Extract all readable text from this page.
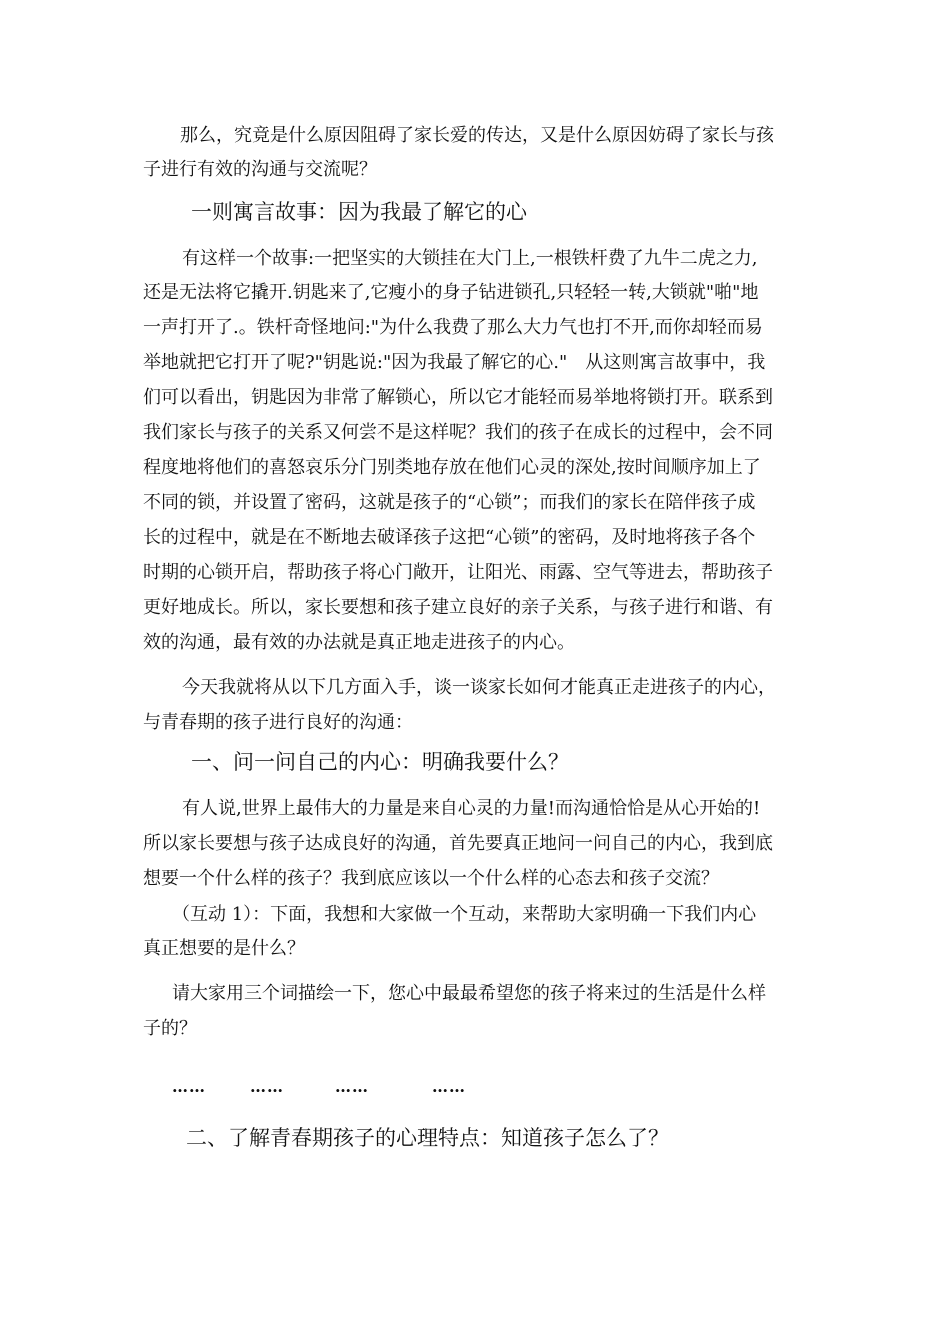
那么，究竟是什么原因阻碍了家长爱的传达，又是什么原因妨碍了家长与孩
子进行有效的沟通与交流呢？
一则寓言故事：因为我最了解它的心
有这样一个故事:一把坚实的大锁挂在大门上,一根铁杆费了九牛二虎之力,
还是无法将它撬开.钥匙来了,它瘦小的身子钻进锁孔,只轻轻一转,大锁就"啪"地
一声打开了.。铁杆奇怪地问:"为什么我费了那么大力气也打不开,而你却轻而易
举地就把它打开了呢?"钥匙说:"因为我最了解它的心."　从这则寓言故事中，我
们可以看出，钥匙因为非常了解锁心，所以它才能轻而易举地将锁打开。联系到
我们家长与孩子的关系又何尝不是这样呢？我们的孩子在成长的过程中，会不同
程度地将他们的喜怒哀乐分门别类地存放在他们心灵的深处,按时间顺序加上了
不同的锁，并设置了密码，这就是孩子的“心锁”；而我们的家长在陪伴孩子成
长的过程中，就是在不断地去破译孩子这把“心锁”的密码，及时地将孩子各个
时期的心锁开启，帮助孩子将心门敞开，让阳光、雨露、空气等进去，帮助孩子
更好地成长。所以，家长要想和孩子建立良好的亲子关系，与孩子进行和谐、有
效的沟通，最有效的办法就是真正地走进孩子的内心。
今天我就将从以下几方面入手，谈一谈家长如何才能真正走进孩子的内心，
与青春期的孩子进行良好的沟通：
一、问一问自己的内心：明确我要什么？
有人说,世界上最伟大的力量是来自心灵的力量!而沟通恰恰是从心开始的!
所以家长要想与孩子达成良好的沟通，首先要真正地问一问自己的内心，我到底
想要一个什么样的孩子？我到底应该以一个什么样的心态去和孩子交流？
（互动 1）：下面，我想和大家做一个互动，来帮助大家明确一下我们内心
真正想要的是什么？
请大家用三个词描绘一下，您心中最最希望您的孩子将来过的生活是什么样
子的？
……	……	……	……
二、了解青春期孩子的心理特点：知道孩子怎么了？
